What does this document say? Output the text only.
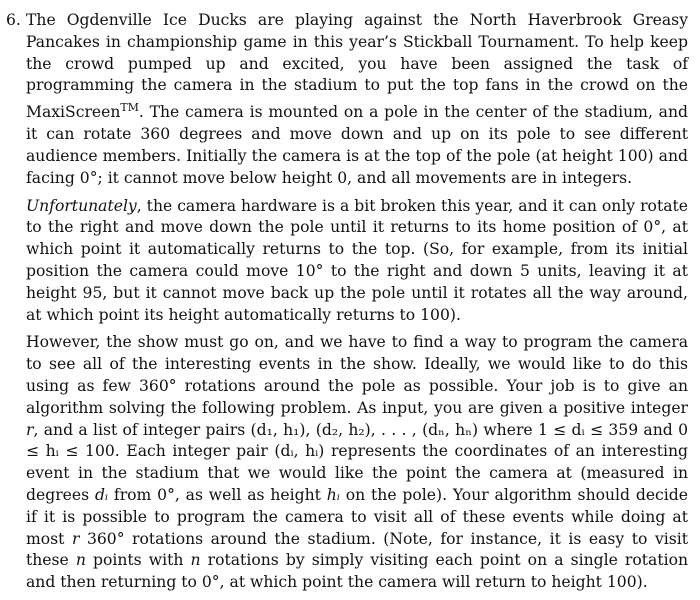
6. The Ogdenville Ice Ducks are playing against the North Haverbrook Greasy Pancakes in championship game in this year’s Stickball Tournament. To help keep the crowd pumped up and excited, you have been assigned the task of programming the camera in the stadium to put the top fans in the crowd on the MaxiScreen™. The camera is mounted on a pole in the center of the stadium, and it can rotate 360 degrees and move down and up on its pole to see different audience members. Initially the camera is at the top of the pole (at height 100) and facing 0°; it cannot move below height 0, and all movements are in integers.

Unfortunately, the camera hardware is a bit broken this year, and it can only rotate to the right and move down the pole until it returns to its home position of 0°, at which point it automatically returns to the top. (So, for example, from its initial position the camera could move 10° to the right and down 5 units, leaving it at height 95, but it cannot move back up the pole until it rotates all the way around, at which point its height automatically returns to 100).

However, the show must go on, and we have to find a way to program the camera to see all of the interesting events in the show. Ideally, we would like to do this using as few 360° rotations around the pole as possible. Your job is to give an algorithm solving the following problem. As input, you are given a positive integer r, and a list of integer pairs (d₁, h₁), (d₂, h₂), . . . , (dₙ, hₙ) where 1 ≤ dᵢ ≤ 359 and 0 ≤ hᵢ ≤ 100. Each integer pair (dᵢ, hᵢ) represents the coordinates of an interesting event in the stadium that we would like the point the camera at (measured in degrees dᵢ from 0°, as well as height hᵢ on the pole). Your algorithm should decide if it is possible to program the camera to visit all of these events while doing at most r 360° rotations around the stadium. (Note, for instance, it is easy to visit these n points with n rotations by simply visiting each point on a single rotation and then returning to 0°, at which point the camera will return to height 100).
